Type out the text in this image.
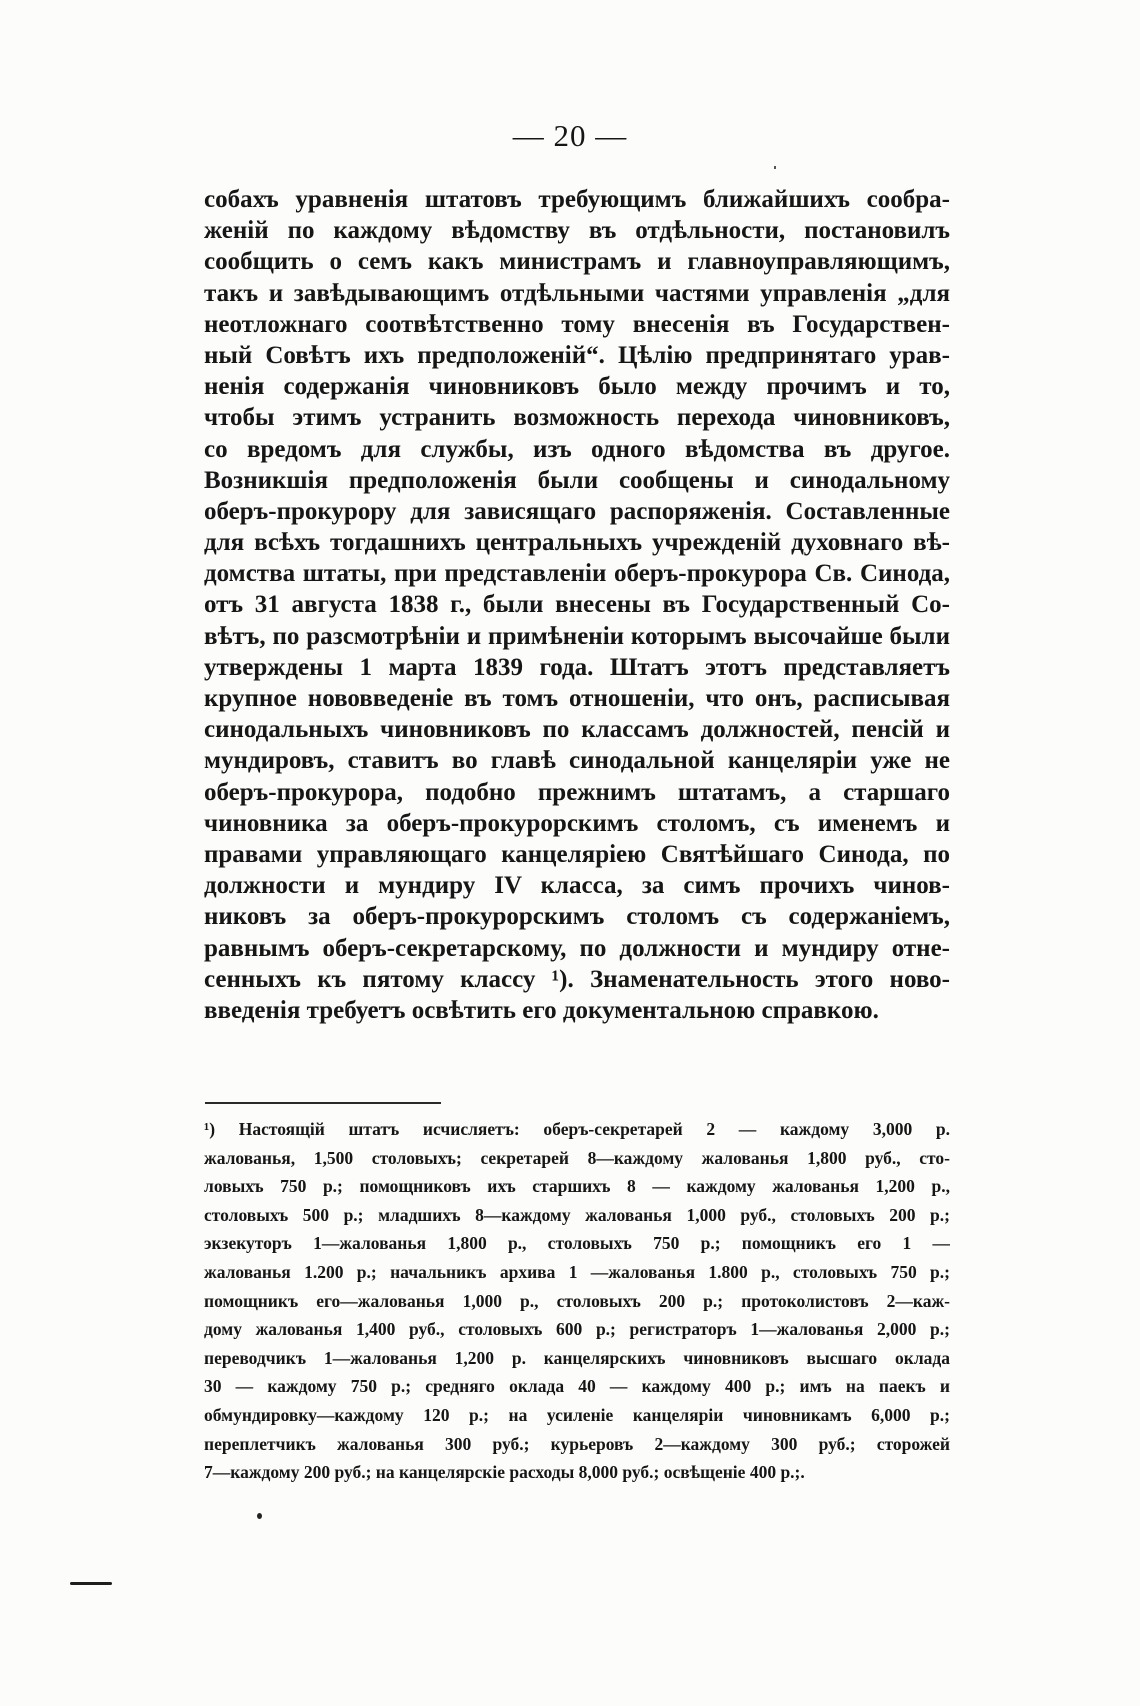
— 20 —
собахъ уравненія штатовъ требующимъ ближайшихъ сообра-
женій по каждому вѣдомству въ отдѣльности, постановилъ
сообщить о семъ какъ министрамъ и главноуправляющимъ,
такъ и завѣдывающимъ отдѣльными частями управленія „для
неотложнаго соотвѣтственно тому внесенія въ Государствен-
ный Совѣтъ ихъ предположеній“. Цѣлію предпринятаго урав-
ненія содержанія чиновниковъ было между прочимъ и то,
чтобы этимъ устранить возможность перехода чиновниковъ,
со вредомъ для службы, изъ одного вѣдомства въ другое.
Возникшія предположенія были сообщены и синодальному
оберъ-прокурору для зависящаго распоряженія. Составленные
для всѣхъ тогдашнихъ центральныхъ учрежденій духовнаго вѣ-
домства штаты, при представленіи оберъ-прокурора Св. Синода,
отъ 31 августа 1838 г., были внесены въ Государственный Со-
вѣтъ, по разсмотрѣніи и примѣненіи которымъ высочайше были
утверждены 1 марта 1839 года. Штатъ этотъ представляетъ
крупное нововведеніе въ томъ отношеніи, что онъ, расписывая
синодальныхъ чиновниковъ по классамъ должностей, пенсій и
мундировъ, ставитъ во главѣ синодальной канцеляріи уже не
оберъ-прокурора, подобно прежнимъ штатамъ, а старшаго
чиновника за оберъ-прокурорскимъ столомъ, съ именемъ и
правами управляющаго канцеляріею Святѣйшаго Синода, по
должности и мундиру IV класса, за симъ прочихъ чинов-
никовъ за оберъ-прокурорскимъ столомъ съ содержаніемъ,
равнымъ оберъ-секретарскому, по должности и мундиру отне-
сенныхъ къ пятому классу ¹). Знаменательность этого ново-
введенія требуетъ освѣтить его документальною справкою.
¹) Настоящій штатъ исчисляетъ: оберъ-секретарей 2 — каждому 3,000 р.
жалованья, 1,500 столовыхъ; секретарей 8—каждому жалованья 1,800 руб., сто-
ловыхъ 750 р.; помощниковъ ихъ старшихъ 8 — каждому жалованья 1,200 р.,
столовыхъ 500 р.; младшихъ 8—каждому жалованья 1,000 руб., столовыхъ 200 р.;
экзекуторъ 1—жалованья 1,800 р., столовыхъ 750 р.; помощникъ его 1 —
жалованья 1.200 р.; начальникъ архива 1 —жалованья 1.800 р., столовыхъ 750 р.;
помощникъ его—жалованья 1,000 р., столовыхъ 200 р.; протоколистовъ 2—каж-
дому жалованья 1,400 руб., столовыхъ 600 р.; регистраторъ 1—жалованья 2,000 р.;
переводчикъ 1—жалованья 1,200 р. канцелярскихъ чиновниковъ высшаго оклада
30 — каждому 750 р.; средняго оклада 40 — каждому 400 р.; имъ на паекъ и
обмундировку—каждому 120 р.; на усиленіе канцеляріи чиновникамъ 6,000 р.;
переплетчикъ жалованья 300 руб.; курьеровъ 2—каждому 300 руб.; сторожей
7—каждому 200 руб.; на канцелярскіе расходы 8,000 руб.; освѣщеніе 400 р.;.
